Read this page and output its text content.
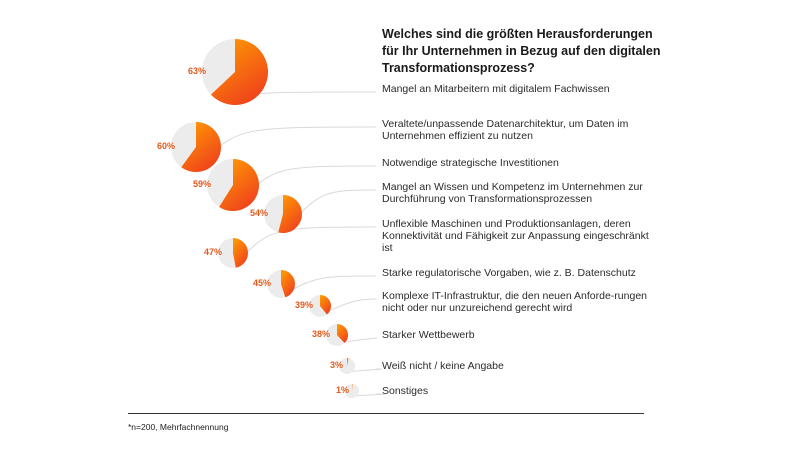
Welches sind die größten Herausforderungen für Ihr Unternehmen in Bezug auf den digitalen Transformationsprozess?
63%
Mangel an Mitarbeitern mit digitalem Fachwissen
60%
Veraltete/unpassende Datenarchitektur, um Daten im Unternehmen effizient zu nutzen
59%
Notwendige strategische Investitionen
54%
Mangel an Wissen und Kompetenz im Unternehmen zur Durchführung von Transformationsprozessen
47%
Unflexible Maschinen und Produktionsanlagen, deren Konnektivität und Fähigkeit zur Anpassung eingeschränkt ist
45%
Starke regulatorische Vorgaben, wie z. B. Datenschutz
39%
Komplexe IT-Infrastruktur, die den neuen Anforde-rungen nicht oder nur unzureichend gerecht wird
38%	Starker Wettbewerb
3%	Weiß nicht / keine Angabe
1%	Sonstiges
*n=200, Mehrfachnennung
